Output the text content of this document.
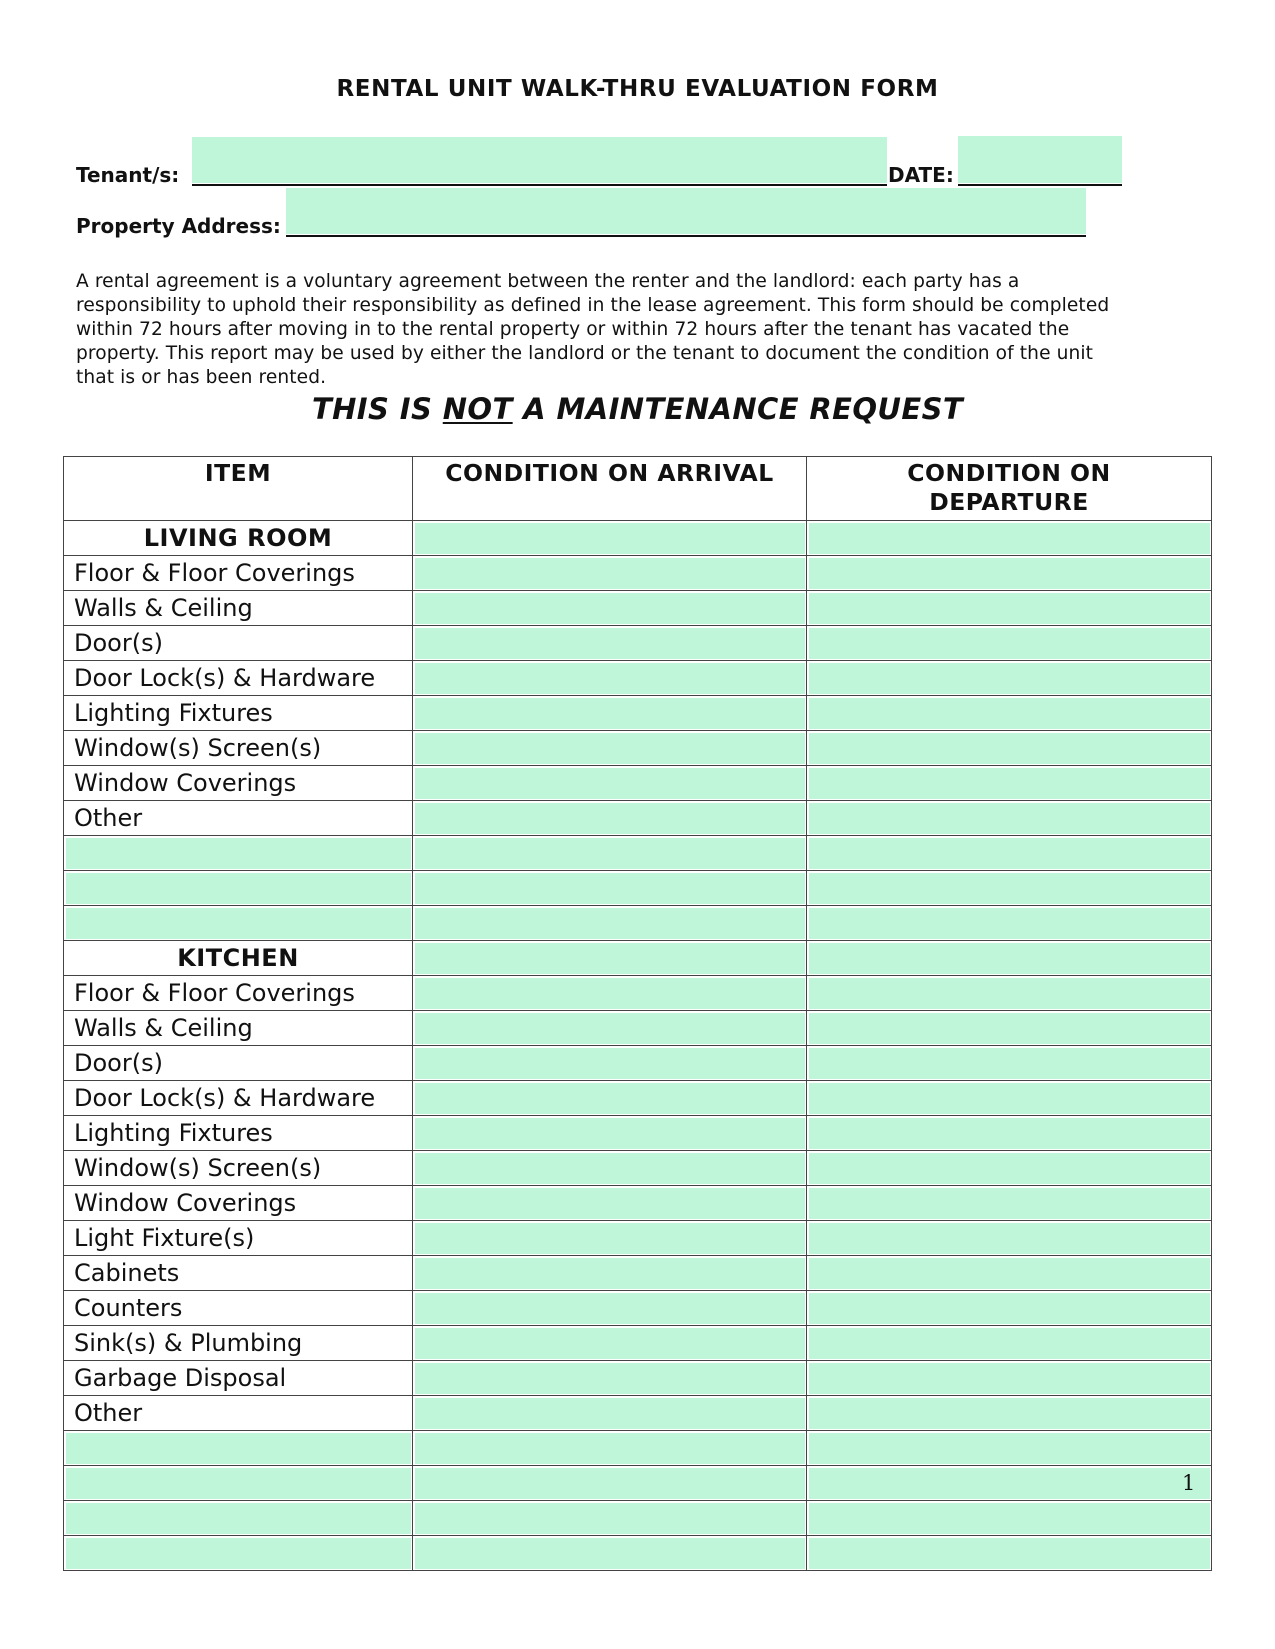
RENTAL UNIT WALK-THRU EVALUATION FORM
Tenant/s:	DATE:
Property Address:
A rental agreement is a voluntary agreement between the renter and the landlord: each party has a
responsibility to uphold their responsibility as defined in the lease agreement. This form should be completed
within 72 hours after moving in to the rental property or within 72 hours after the tenant has vacated the
property. This report may be used by either the landlord or the tenant to document the condition of the unit
that is or has been rented.
THIS IS NOT A MAINTENANCE REQUEST
ITEM	CONDITION ON ARRIVAL	CONDITION ON DEPARTURE
LIVING ROOM		
Floor & Floor Coverings		
Walls & Ceiling		
Door(s)		
Door Lock(s) & Hardware		
Lighting Fixtures		
Window(s) Screen(s)		
Window Coverings		
Other		

KITCHEN		
Floor & Floor Coverings		
Walls & Ceiling		
Door(s)		
Door Lock(s) & Hardware		
Lighting Fixtures		
Window(s) Screen(s)		
Window Coverings		
Light Fixture(s)		
Cabinets		
Counters		
Sink(s) & Plumbing		
Garbage Disposal		
Other		

1
